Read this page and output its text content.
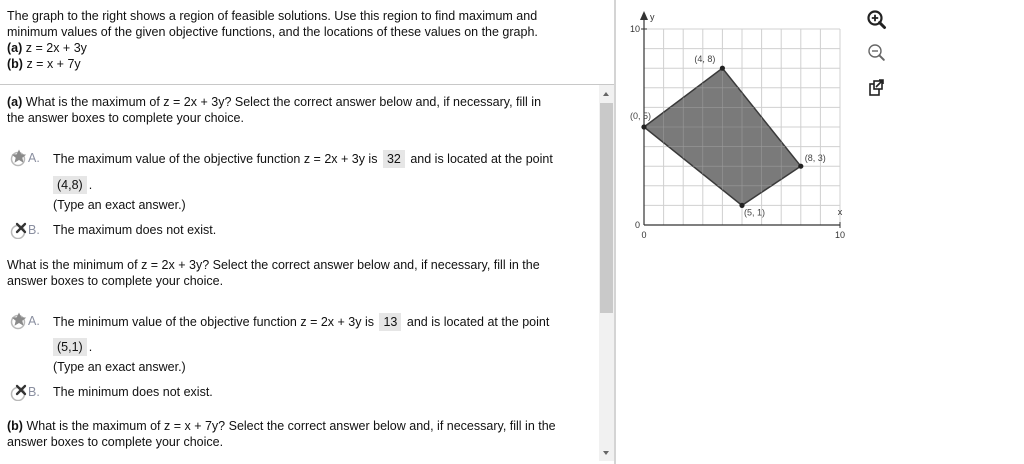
The graph to the right shows a region of feasible solutions. Use this region to find maximum and

minimum values of the given objective functions, and the locations of these values on the graph.

(a) z = 2x + 3y

(b) z = x + 7y

(a) What is the maximum of z = 2x + 3y? Select the correct answer below and, if necessary, fill in
the answer boxes to complete your choice.
A. The maximum value of the objective function z = 2x + 3y is 32 and is located at the point
(4,8) .
(Type an exact answer.)
B. The maximum does not exist.
What is the minimum of z = 2x + 3y? Select the correct answer below and, if necessary, fill in the
answer boxes to complete your choice.
A. The minimum value of the objective function z = 2x + 3y is 13 and is located at the point
(5,1) .
(Type an exact answer.)
B. The minimum does not exist.
(b) What is the maximum of z = x + 7y? Select the correct answer below and, if necessary, fill in the
answer boxes to complete your choice.
y
x
10
0
0	10
(0, 5)
(4, 8)
(8, 3)
(5, 1)
